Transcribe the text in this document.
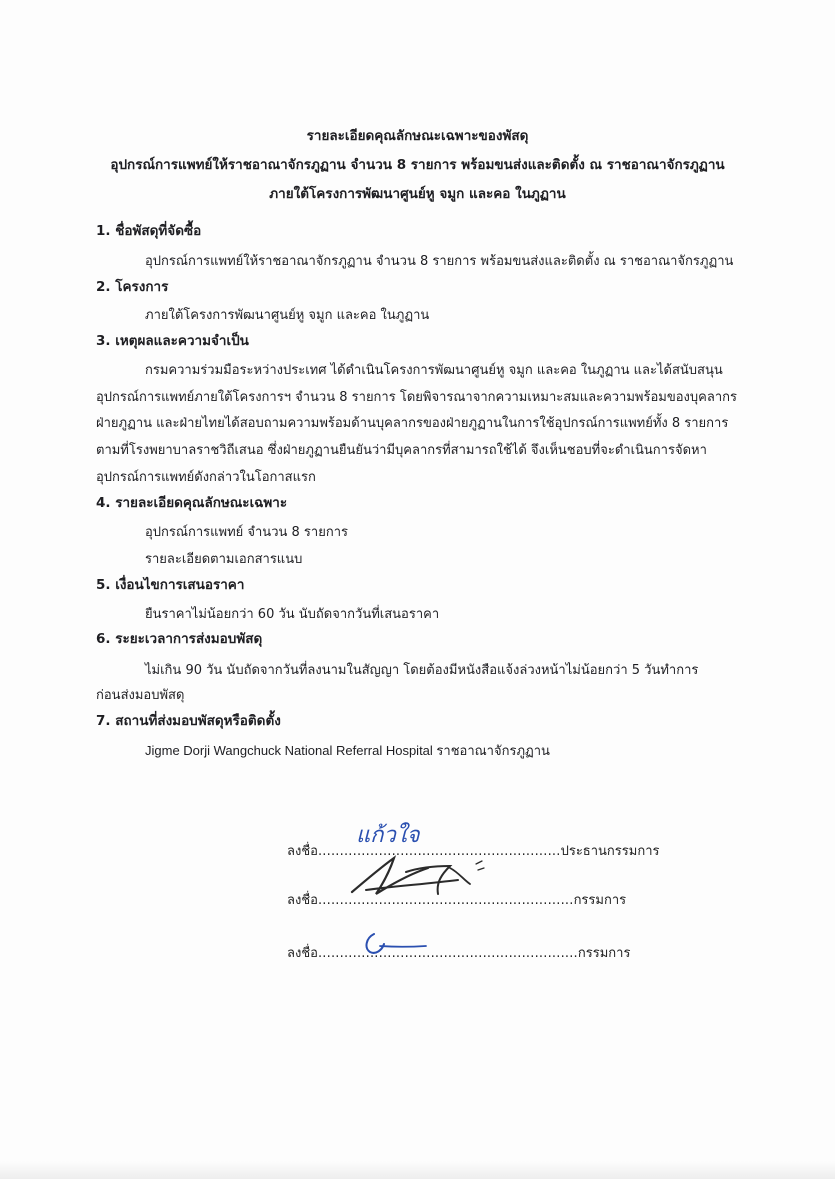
รายละเอียดคุณลักษณะเฉพาะของพัสดุ
อุปกรณ์การแพทย์ให้ราชอาณาจักรภูฏาน จำนวน 8 รายการ พร้อมขนส่งและติดตั้ง ณ ราชอาณาจักรภูฏาน
ภายใต้โครงการพัฒนาศูนย์หู จมูก และคอ ในภูฏาน
1. ชื่อพัสดุที่จัดซื้อ
อุปกรณ์การแพทย์ให้ราชอาณาจักรภูฏาน จำนวน 8 รายการ พร้อมขนส่งและติดตั้ง ณ ราชอาณาจักรภูฏาน
2. โครงการ
ภายใต้โครงการพัฒนาศูนย์หู จมูก และคอ ในภูฏาน
3. เหตุผลและความจำเป็น
กรมความร่วมมือระหว่างประเทศ ได้ดำเนินโครงการพัฒนาศูนย์หู จมูก และคอ ในภูฏาน และได้สนับสนุน
อุปกรณ์การแพทย์ภายใต้โครงการฯ จำนวน 8 รายการ โดยพิจารณาจากความเหมาะสมและความพร้อมของบุคลากร
ฝ่ายภูฏาน และฝ่ายไทยได้สอบถามความพร้อมด้านบุคลากรของฝ่ายภูฏานในการใช้อุปกรณ์การแพทย์ทั้ง 8 รายการ
ตามที่โรงพยาบาลราชวิถีเสนอ ซึ่งฝ่ายภูฏานยืนยันว่ามีบุคลากรที่สามารถใช้ได้ จึงเห็นชอบที่จะดำเนินการจัดหา
อุปกรณ์การแพทย์ดังกล่าวในโอกาสแรก
4. รายละเอียดคุณลักษณะเฉพาะ
อุปกรณ์การแพทย์ จำนวน 8 รายการ
รายละเอียดตามเอกสารแนบ
5. เงื่อนไขการเสนอราคา
ยืนราคาไม่น้อยกว่า 60 วัน นับถัดจากวันที่เสนอราคา
6. ระยะเวลาการส่งมอบพัสดุ
ไม่เกิน 90 วัน นับถัดจากวันที่ลงนามในสัญญา โดยต้องมีหนังสือแจ้งล่วงหน้าไม่น้อยกว่า 5 วันทำการ
ก่อนส่งมอบพัสดุ
7. สถานที่ส่งมอบพัสดุหรือติดตั้ง
Jigme Dorji Wangchuck National Referral Hospital ราชอาณาจักรภูฏาน
ลงชื่อ........................................................ประธานกรรมการ
แก้วใจ
ลงชื่อ...........................................................กรรมการ
ลงชื่อ............................................................กรรมการ
